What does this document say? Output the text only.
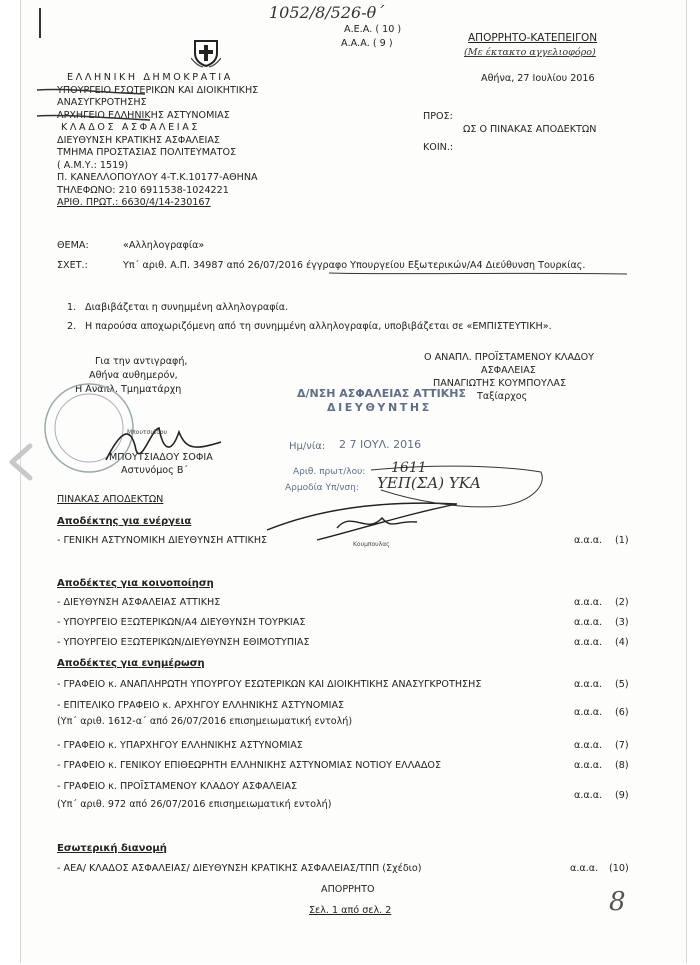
1052/8/526-θ΄
Α.Ε.Α. ( 10 )
Α.Α.Α. ( 9 )	ΑΠΟΡΡΗΤΟ-ΚΑΤΕΠΕΙΓΟΝ
(Με έκτακτο αγγελιοφόρο)
Αθήνα, 27 Ιουλίου 2016
ΕΛΛΗΝΙΚΗ ΔΗΜΟΚΡΑΤΙΑ
ΥΠΟΥΡΓΕΙΟ ΕΣΩΤΕΡΙΚΩΝ ΚΑΙ ΔΙΟΙΚΗΤΙΚΗΣ
ΑΝΑΣΥΓΚΡΟΤΗΣΗΣ
ΑΡΧΗΓΕΙΟ ΕΛΛΗΝΙΚΗΣ ΑΣΤΥΝΟΜΙΑΣ
ΚΛΑΔΟΣ ΑΣΦΑΛΕΙΑΣ
ΔΙΕΥΘΥΝΣΗ ΚΡΑΤΙΚΗΣ ΑΣΦΑΛΕΙΑΣ
ΤΜΗΜΑ ΠΡΟΣΤΑΣΙΑΣ ΠΟΛΙΤΕΥΜΑΤΟΣ
( Α.Μ.Υ.: 1519)
Π. ΚΑΝΕΛΛΟΠΟΥΛΟΥ 4-Τ.Κ.10177-ΑΘΗΝΑ
ΤΗΛΕΦΩΝΟ: 210 6911538-1024221
ΑΡΙΘ. ΠΡΩΤ.: 6630/4/14-230167
ΠΡΟΣ:
ΩΣ Ο ΠΙΝΑΚΑΣ ΑΠΟΔΕΚΤΩΝ
ΚΟΙΝ.:
ΘΕΜΑ:	«Αλληλογραφία»
ΣΧΕΤ.:	Υπ΄ αριθ. Α.Π. 34987 από 26/07/2016 έγγραφο Υπουργείου Εξωτερικών/Α4 Διεύθυνση Τουρκίας.
1. Διαβιβάζεται η συνημμένη αλληλογραφία.
2. Η παρούσα αποχωριζόμενη από τη συνημμένη αλληλογραφία, υποβιβάζεται σε «ΕΜΠΙΣΤΕΥΤΙΚΗ».
Για την αντιγραφή,
Αθήνα αυθημερόν,
Η Αναπλ. Τμηματάρχη
Μπουτσιάδου
ΜΠΟΥΤΣΙΑΔΟΥ ΣΟΦΙΑ
Αστυνόμος Β΄
Ο ΑΝΑΠΛ. ΠΡΟΪΣΤΑΜΕΝΟΥ ΚΛΑΔΟΥ
ΑΣΦΑΛΕΙΑΣ
ΠΑΝΑΓΙΩΤΗΣ ΚΟΥΜΠΟΥΛΑΣ
Ταξίαρχος
Δ/ΝΣΗ ΑΣΦΑΛΕΙΑΣ ΑΤΤΙΚΗΣ
ΔΙΕΥΘΥΝΤΗΣ
Ημ/νία: 2 7 ΙΟΥΛ. 2016
Αριθ. πρωτ/λου:
Αρμοδία Υπ/νση:
1611
ΥΕΠ(ΣΑ) ΥΚΑ
Κουμπουλας
ΠΙΝΑΚΑΣ ΑΠΟΔΕΚΤΩΝ
Αποδέκτης για ενέργεια
- ΓΕΝΙΚΗ ΑΣΤΥΝΟΜΙΚΗ ΔΙΕΥΘΥΝΣΗ ΑΤΤΙΚΗΣ	α.α.α. (1)
Αποδέκτες για κοινοποίηση
- ΔΙΕΥΘΥΝΣΗ ΑΣΦΑΛΕΙΑΣ ΑΤΤΙΚΗΣ	α.α.α. (2)
- ΥΠΟΥΡΓΕΙΟ ΕΞΩΤΕΡΙΚΩΝ/Α4 ΔΙΕΥΘΥΝΣΗ ΤΟΥΡΚΙΑΣ	α.α.α. (3)
- ΥΠΟΥΡΓΕΙΟ ΕΞΩΤΕΡΙΚΩΝ/ΔΙΕΥΘΥΝΣΗ ΕΘΙΜΟΤΥΠΙΑΣ	α.α.α. (4)
Αποδέκτες για ενημέρωση
- ΓΡΑΦΕΙΟ κ. ΑΝΑΠΛΗΡΩΤΗ ΥΠΟΥΡΓΟΥ ΕΣΩΤΕΡΙΚΩΝ ΚΑΙ ΔΙΟΙΚΗΤΙΚΗΣ ΑΝΑΣΥΓΚΡΟΤΗΣΗΣ	α.α.α. (5)
- ΕΠΙΤΕΛΙΚΟ ΓΡΑΦΕΙΟ κ. ΑΡΧΗΓΟΥ ΕΛΛΗΝΙΚΗΣ ΑΣΤΥΝΟΜΙΑΣ
(Υπ΄ αριθ. 1612-α΄ από 26/07/2016 επισημειωματική εντολή)
α.α.α. (6)
- ΓΡΑΦΕΙΟ κ. ΥΠΑΡΧΗΓΟΥ ΕΛΛΗΝΙΚΗΣ ΑΣΤΥΝΟΜΙΑΣ	α.α.α. (7)
- ΓΡΑΦΕΙΟ κ. ΓΕΝΙΚΟΥ ΕΠΙΘΕΩΡΗΤΗ ΕΛΛΗΝΙΚΗΣ ΑΣΤΥΝΟΜΙΑΣ ΝΟΤΙΟΥ ΕΛΛΑΔΟΣ	α.α.α. (8)
- ΓΡΑΦΕΙΟ κ. ΠΡΟΪΣΤΑΜΕΝΟΥ ΚΛΑΔΟΥ ΑΣΦΑΛΕΙΑΣ
(Υπ΄ αριθ. 972 από 26/07/2016 επισημειωματική εντολή)
α.α.α. (9)
Εσωτερική διανομή
- ΑΕΑ/ ΚΛΑΔΟΣ ΑΣΦΑΛΕΙΑΣ/ ΔΙΕΥΘΥΝΣΗ ΚΡΑΤΙΚΗΣ ΑΣΦΑΛΕΙΑΣ/ΤΠΠ (Σχέδιο)	α.α.α. (10)
ΑΠΟΡΡΗΤΟ
Σελ. 1 από σελ. 2	8
